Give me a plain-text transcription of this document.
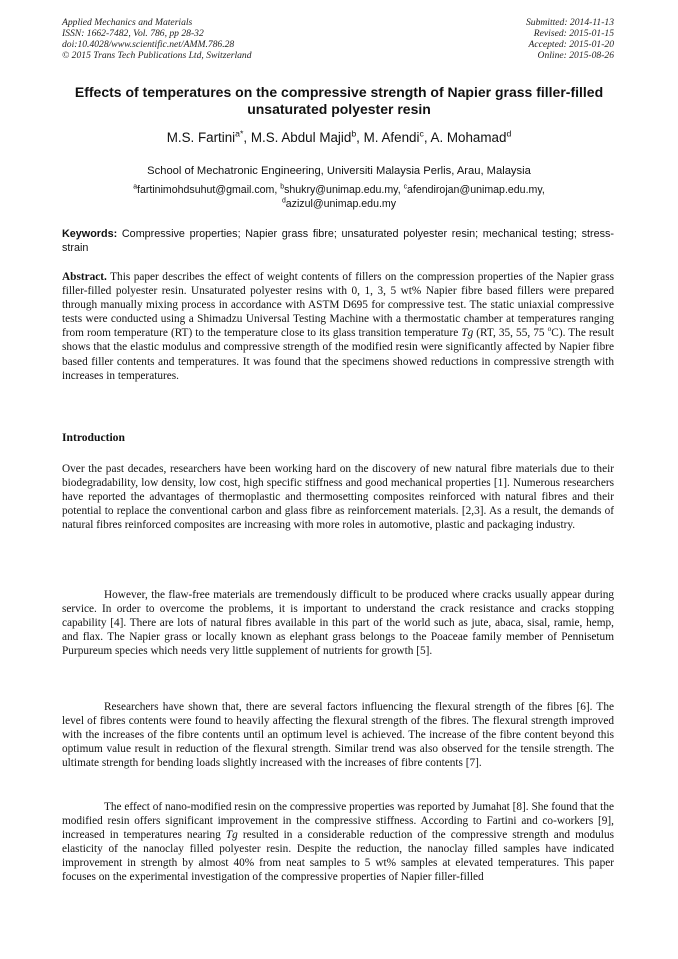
Applied Mechanics and Materials
ISSN: 1662-7482, Vol. 786, pp 28-32
doi:10.4028/www.scientific.net/AMM.786.28
© 2015 Trans Tech Publications Ltd, Switzerland
Submitted: 2014-11-13
Revised: 2015-01-15
Accepted: 2015-01-20
Online: 2015-08-26
Effects of temperatures on the compressive strength of Napier grass filler-filled unsaturated polyester resin
M.S. Fartini$^{a*}$, M.S. Abdul Majid$^b$, M. Afendi$^c$, A. Mohamad$^d$
School of Mechatronic Engineering, Universiti Malaysia Perlis, Arau, Malaysia
$^a$fartinimohdsuhut@gmail.com, $^b$shukry@unimap.edu.my, $^c$afendirojan@unimap.edu.my,
$^d$azizul@unimap.edu.my
Keywords: Compressive properties; Napier grass fibre; unsaturated polyester resin; mechanical testing; stress-strain
Abstract. This paper describes the effect of weight contents of fillers on the compression properties of the Napier grass filler-filled polyester resin. Unsaturated polyester resins with 0, 1, 3, 5 wt% Napier fibre based fillers were prepared through manually mixing process in accordance with ASTM D695 for compressive test. The static uniaxial compressive tests were conducted using a Shimadzu Universal Testing Machine with a thermostatic chamber at temperatures ranging from room temperature (RT) to the temperature close to its glass transition temperature Tg (RT, 35, 55, 75 $^o$C). The result shows that the elastic modulus and compressive strength of the modified resin were significantly affected by Napier fibre based filler contents and temperatures. It was found that the specimens showed reductions in compressive strength with increases in temperatures.
Introduction

Over the past decades, researchers have been working hard on the discovery of new natural fibre materials due to their biodegradability, low density, low cost, high specific stiffness and good mechanical properties [1]. Numerous researchers have reported the advantages of thermoplastic and thermosetting composites reinforced with natural fibres and their potential to replace the conventional carbon and glass fibre as reinforcement materials. [2,3]. As a result, the demands of natural fibres reinforced composites are increasing with more roles in automotive, plastic and packaging industry.

However, the flaw-free materials are tremendously difficult to be produced where cracks usually appear during service. In order to overcome the problems, it is important to understand the crack resistance and cracks stopping capability [4]. There are lots of natural fibres available in this part of the world such as jute, abaca, sisal, ramie, hemp, and flax. The Napier grass or locally known as elephant grass belongs to the Poaceae family member of Pennisetum Purpureum species which needs very little supplement of nutrients for growth [5].

Researchers have shown that, there are several factors influencing the flexural strength of the fibres [6]. The level of fibres contents were found to heavily affecting the flexural strength of the fibres. The flexural strength improved with the increases of the fibre contents until an optimum level is achieved. The increase of the fibre content beyond this optimum value result in reduction of the flexural strength. Similar trend was also observed for the tensile strength. The ultimate strength for bending loads slightly increased with the increases of fibre contents [7].

The effect of nano-modified resin on the compressive properties was reported by Jumahat [8]. She found that the modified resin offers significant improvement in the compressive stiffness. According to Fartini and co-workers [9], increased in temperatures nearing Tg resulted in a considerable reduction of the compressive strength and modulus elasticity of the nanoclay filled polyester resin. Despite the reduction, the nanoclay filled samples have indicated improvement in strength by almost 40% from neat samples to 5 wt% samples at elevated temperatures. This paper focuses on the experimental investigation of the compressive properties of Napier filler-filled
